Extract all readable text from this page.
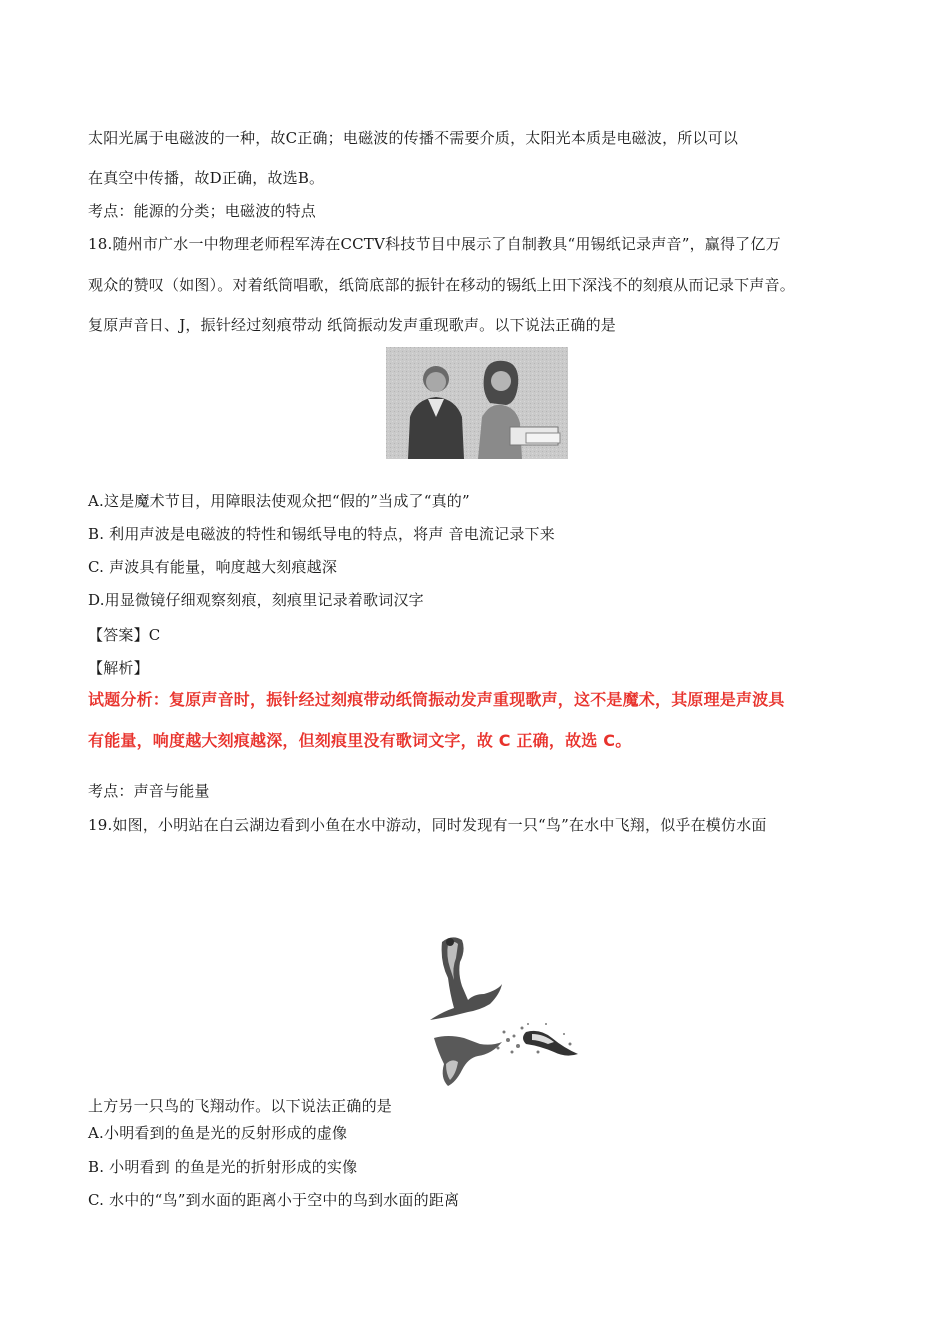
太阳光属于电磁波的一种，故C正确；电磁波的传播不需要介质，太阳光本质是电磁波，所以可以
在真空中传播，故D正确，故选B。
考点：能源的分类；电磁波的特点
18.随州市广水一中物理老师程军涛在CCTV科技节目中展示了自制教具“用锡纸记录声音”，赢得了亿万
观众的赞叹（如图）。对着纸筒唱歌，纸筒底部的振针在移动的锡纸上田下深浅不的刻痕从而记录下声音。
复原声音日、J，振针经过刻痕带动 纸筒振动发声重现歌声。以下说法正确的是
A.这是魔术节目，用障眼法使观众把“假的”当成了“真的”
B. 利用声波是电磁波的特性和锡纸导电的特点，将声 音电流记录下来
C. 声波具有能量，响度越大刻痕越深
D.用显微镜仔细观察刻痕，刻痕里记录着歌词汉字
【答案】C
【解析】
试题分析：复原声音时，振针经过刻痕带动纸筒振动发声重现歌声，这不是魔术，其原理是声波具
有能量，响度越大刻痕越深，但刻痕里没有歌词文字，故 C 正确，故选 C。
考点：声音与能量
19.如图，小明站在白云湖边看到小鱼在水中游动，同时发现有一只“鸟”在水中飞翔，似乎在模仿水面
上方另一只鸟的飞翔动作。以下说法正确的是
A.小明看到的鱼是光的反射形成的虚像
B. 小明看到 的鱼是光的折射形成的实像
C. 水中的“鸟”到水面的距离小于空中的鸟到水面的距离
